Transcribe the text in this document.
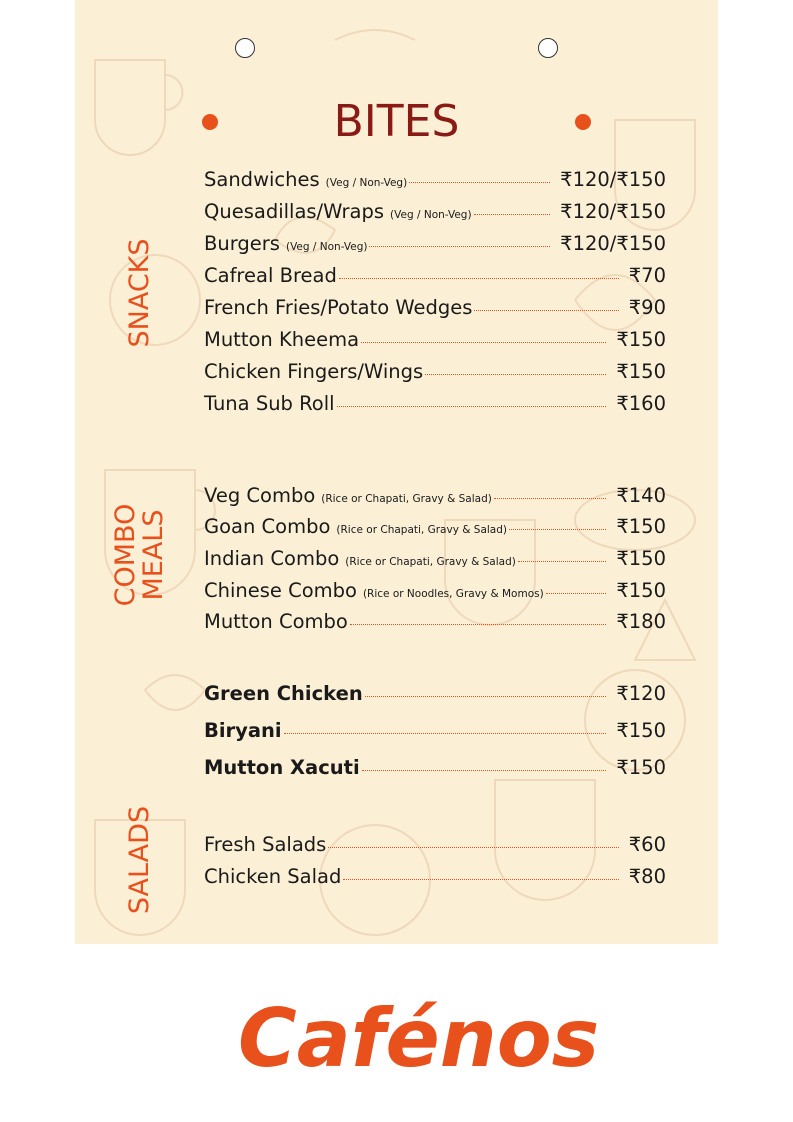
BITES
SNACKS
COMBO
MEALS
SALADS
Sandwiches (Veg / Non-Veg)	₹120/₹150
Quesadillas/Wraps (Veg / Non-Veg)	₹120/₹150
Burgers (Veg / Non-Veg)	₹120/₹150
Cafreal Bread	₹70
French Fries/Potato Wedges	₹90
Mutton Kheema	₹150
Chicken Fingers/Wings	₹150
Tuna Sub Roll	₹160
Veg Combo (Rice or Chapati, Gravy & Salad)	₹140
Goan Combo (Rice or Chapati, Gravy & Salad)	₹150
Indian Combo (Rice or Chapati, Gravy & Salad)	₹150
Chinese Combo (Rice or Noodles, Gravy & Momos)	₹150
Mutton Combo	₹180
Green Chicken	₹120
Biryani	₹150
Mutton Xacuti	₹150
Fresh Salads	₹60
Chicken Salad	₹80
Cafénos
